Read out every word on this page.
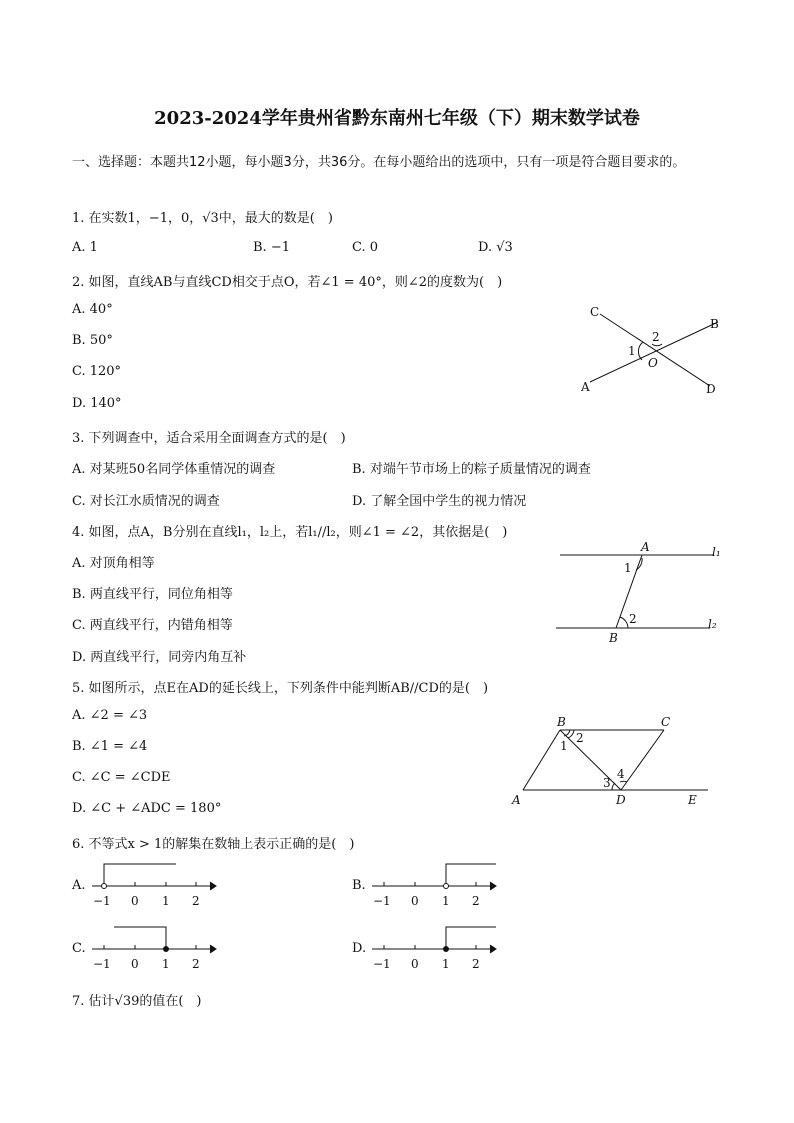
2023-2024学年贵州省黔东南州七年级（下）期末数学试卷
一、选择题：本题共12小题，每小题3分，共36分。在每小题给出的选项中，只有一项是符合题目要求的。
1. 在实数1，−1，0，√3中，最大的数是(　)
A. 1	B. −1	C. 0	D. √3
2. 如图，直线AB与直线CD相交于点O，若∠1 = 40°，则∠2的度数为(　)
A. 40°
B. 50°
C. 120°
D. 140°
C
B
A	D
O
1
2
3. 下列调查中，适合采用全面调查方式的是(　)
A. 对某班50名同学体重情况的调查	B. 对端午节市场上的粽子质量情况的调查
C. 对长江水质情况的调查	D. 了解全国中学生的视力情况
4. 如图，点A，B分别在直线l₁，l₂上，若l₁//l₂，则∠1 = ∠2，其依据是(　)
A. 对顶角相等
B. 两直线平行，同位角相等
C. 两直线平行，内错角相等
D. 两直线平行，同旁内角互补
A
B
1
2
l₁
l₂
5. 如图所示，点E在AD的延长线上，下列条件中能判断AB//CD的是(　)
A. ∠2 = ∠3
B. ∠1 = ∠4
C. ∠C = ∠CDE
D. ∠C + ∠ADC = 180°
B	C
A	D	E
1
2
3
4
6. 不等式x > 1的解集在数轴上表示正确的是(　)
A.
−1 0 1 2
B.
−1 0 1 2
C.
−1 0 1 2
D.
−1 0 1 2
7. 估计√39的值在(　)
